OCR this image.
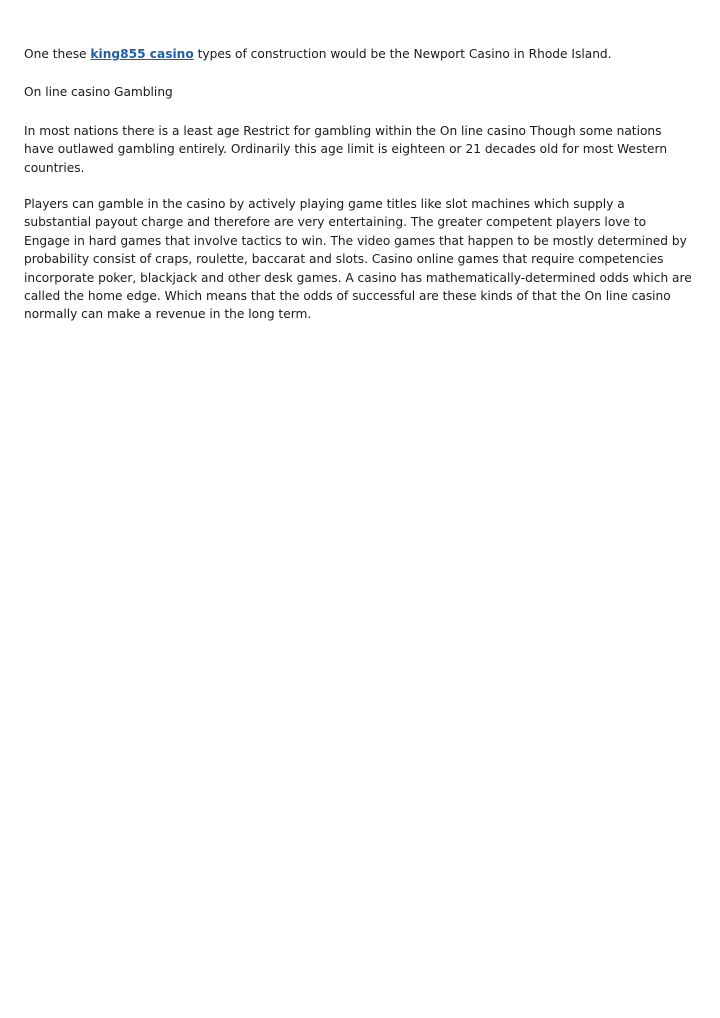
One these king855 casino types of construction would be the Newport Casino in Rhode Island.

On line casino Gambling

In most nations there is a least age Restrict for gambling within the On line casino Though some nations have outlawed gambling entirely. Ordinarily this age limit is eighteen or 21 decades old for most Western countries.

Players can gamble in the casino by actively playing game titles like slot machines which supply a substantial payout charge and therefore are very entertaining. The greater competent players love to Engage in hard games that involve tactics to win. The video games that happen to be mostly determined by probability consist of craps, roulette, baccarat and slots. Casino online games that require competencies incorporate poker, blackjack and other desk games. A casino has mathematically-determined odds which are called the home edge. Which means that the odds of successful are these kinds of that the On line casino normally can make a revenue in the long term.
